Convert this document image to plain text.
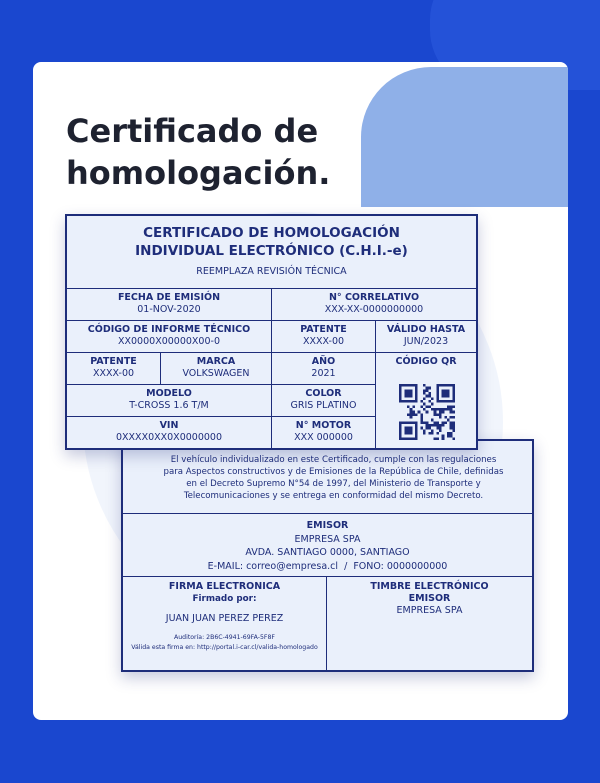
Certificado de homologación.
El vehículo individualizado en este Certificado, cumple con las regulaciones para Aspectos constructivos y de Emisiones de la República de Chile, definidas en el Decreto Supremo N°54 de 1997, del Ministerio de Transporte y Telecomunicaciones y se entrega en conformidad del mismo Decreto.
EMISOR
EMPRESA SPA
AVDA. SANTIAGO 0000, SANTIAGO
E-MAIL: correo@empresa.cl  /  FONO: 0000000000
FIRMA ELECTRONICA
Firmado por:
JUAN JUAN PEREZ PEREZ
Auditoría: 2B6C-4941-69FA-5F8F
Válida esta firma en: http://portal.i-car.cl/valida-homologado
TIMBRE ELECTRÓNICO
EMISOR
EMPRESA SPA
CERTIFICADO DE HOMOLOGACIÓN
INDIVIDUAL ELECTRÓNICO (C.H.I.-e)
REEMPLAZA REVISIÓN TÉCNICA
FECHA DE EMISIÓN
01-NOV-2020
N° CORRELATIVO
XXX-XX-0000000000
CÓDIGO DE INFORME TÉCNICO
XX0000X00000X00-0
PATENTE
XXXX-00
VÁLIDO HASTA
JUN/2023
PATENTE
XXXX-00
MARCA
VOLKSWAGEN
AÑO
2021
CÓDIGO QR
MODELO
T-CROSS 1.6 T/M
COLOR
GRIS PLATINO
VIN
0XXXX0XX0X0000000
N° MOTOR
XXX 000000
